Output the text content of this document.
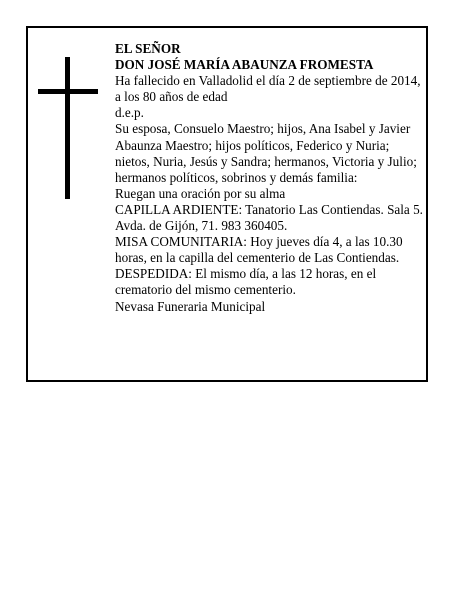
EL SEÑOR
DON JOSÉ MARÍA ABAUNZA FROMESTA
Ha fallecido en Valladolid el día 2 de septiembre de 2014, a los 80 años de edad
d.e.p.
Su esposa, Consuelo Maestro; hijos, Ana Isabel y Javier Abaunza Maestro; hijos políticos, Federico y Nuria; nietos, Nuria, Jesús y Sandra; hermanos, Victoria y Julio; hermanos políticos, sobrinos y demás familia:
Ruegan una oración por su alma
CAPILLA ARDIENTE: Tanatorio Las Contiendas. Sala 5. Avda. de Gijón, 71. 983 360405.
MISA COMUNITARIA: Hoy jueves día 4, a las 10.30 horas, en la capilla del cementerio de Las Contiendas.
DESPEDIDA: El mismo día, a las 12 horas, en el crematorio del mismo cementerio.
Nevasa Funeraria Municipal
